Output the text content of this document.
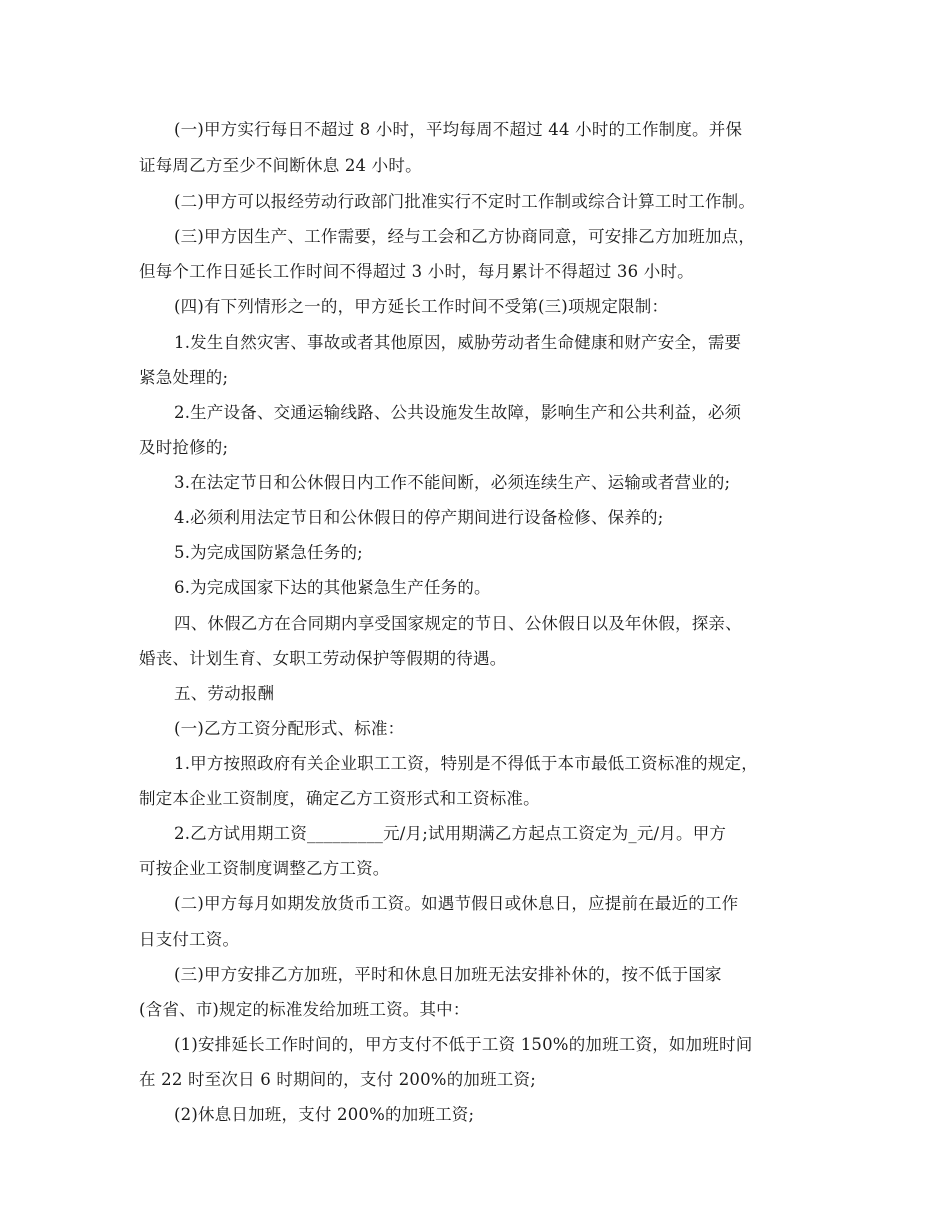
(一)甲方实行每日不超过 8 小时，平均每周不超过 44 小时的工作制度。并保
证每周乙方至少不间断休息 24 小时。
(二)甲方可以报经劳动行政部门批准实行不定时工作制或综合计算工时工作制。
(三)甲方因生产、工作需要，经与工会和乙方协商同意，可安排乙方加班加点，
但每个工作日延长工作时间不得超过 3 小时，每月累计不得超过 36 小时。
(四)有下列情形之一的，甲方延长工作时间不受第(三)项规定限制：
1.发生自然灾害、事故或者其他原因，威胁劳动者生命健康和财产安全，需要
紧急处理的;
2.生产设备、交通运输线路、公共设施发生故障，影响生产和公共利益，必须
及时抢修的;
3.在法定节日和公休假日内工作不能间断，必须连续生产、运输或者营业的;
4.必须利用法定节日和公休假日的停产期间进行设备检修、保养的;
5.为完成国防紧急任务的;
6.为完成国家下达的其他紧急生产任务的。
四、休假乙方在合同期内享受国家规定的节日、公休假日以及年休假，探亲、
婚丧、计划生育、女职工劳动保护等假期的待遇。
五、劳动报酬
(一)乙方工资分配形式、标准：
1.甲方按照政府有关企业职工工资，特别是不得低于本市最低工资标准的规定，
制定本企业工资制度，确定乙方工资形式和工资标准。
2.乙方试用期工资_________元/月;试用期满乙方起点工资定为_元/月。甲方
可按企业工资制度调整乙方工资。
(二)甲方每月如期发放货币工资。如遇节假日或休息日，应提前在最近的工作
日支付工资。
(三)甲方安排乙方加班，平时和休息日加班无法安排补休的，按不低于国家
(含省、市)规定的标准发给加班工资。其中：
(1)安排延长工作时间的，甲方支付不低于工资 150%的加班工资，如加班时间
在 22 时至次日 6 时期间的，支付 200%的加班工资;
(2)休息日加班，支付 200%的加班工资;
